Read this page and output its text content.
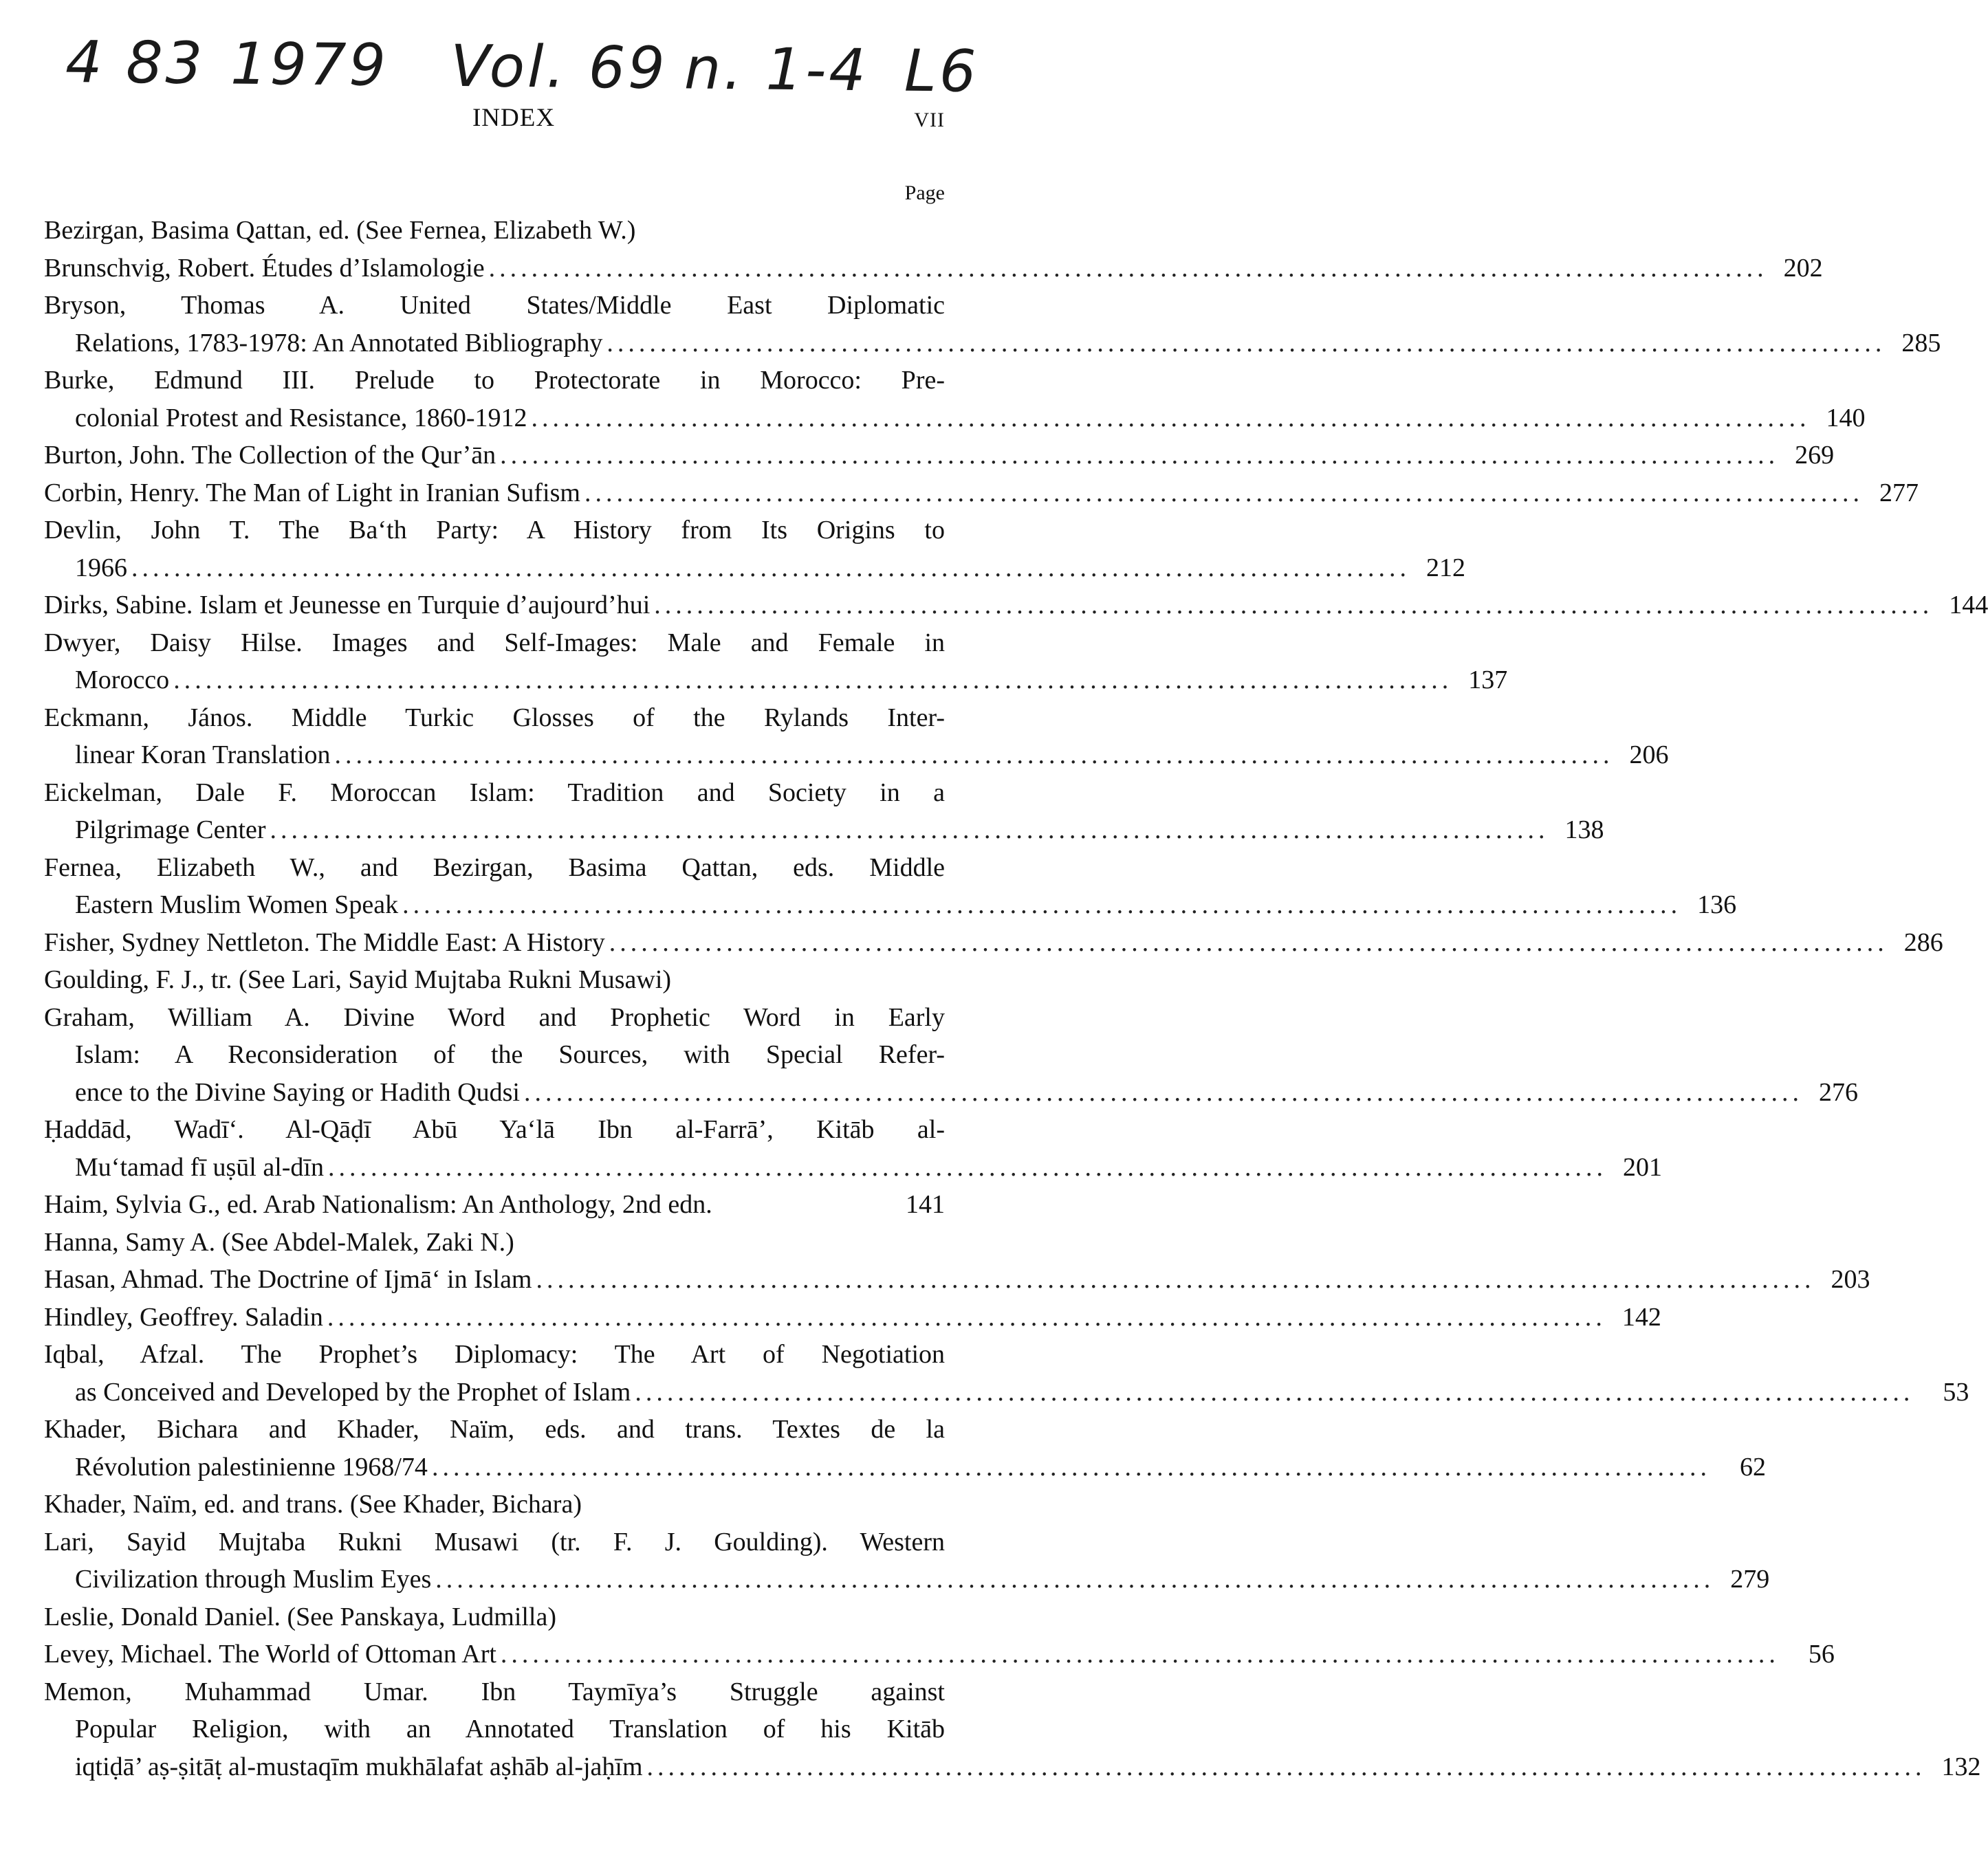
4 83 1979 Vol. 69 n. 1-4 L6
INDEX	VII
Page
Bezirgan, Basima Qattan, ed. (See Fernea, Elizabeth W.)
Brunschvig, Robert. Études d’Islamologie ........................................................................................................................ 202
Bryson, Thomas A. United States/Middle East Diplomatic
Relations, 1783-1978: An Annotated Bibliography ........................................................................................................................ 285
Burke, Edmund III. Prelude to Protectorate in Morocco: Pre-
colonial Protest and Resistance, 1860-1912 ........................................................................................................................ 140
Burton, John. The Collection of the Qur’ān ........................................................................................................................ 269
Corbin, Henry. The Man of Light in Iranian Sufism ........................................................................................................................ 277
Devlin, John T. The Ba‘th Party: A History from Its Origins to
1966 ........................................................................................................................ 212
Dirks, Sabine. Islam et Jeunesse en Turquie d’aujourd’hui ........................................................................................................................ 144
Dwyer, Daisy Hilse. Images and Self-Images: Male and Female in
Morocco ........................................................................................................................ 137
Eckmann, János. Middle Turkic Glosses of the Rylands Inter-
linear Koran Translation ........................................................................................................................ 206
Eickelman, Dale F. Moroccan Islam: Tradition and Society in a
Pilgrimage Center ........................................................................................................................ 138
Fernea, Elizabeth W., and Bezirgan, Basima Qattan, eds. Middle
Eastern Muslim Women Speak ........................................................................................................................ 136
Fisher, Sydney Nettleton. The Middle East: A History ........................................................................................................................ 286
Goulding, F. J., tr. (See Lari, Sayid Mujtaba Rukni Musawi)
Graham, William A. Divine Word and Prophetic Word in Early
Islam: A Reconsideration of the Sources, with Special Refer-
ence to the Divine Saying or Hadith Qudsi ........................................................................................................................ 276
Ḥaddād, Wadī‘. Al-Qāḍī Abū Ya‘lā Ibn al-Farrā’, Kitāb al-
Mu‘tamad fī uṣūl al-dīn ........................................................................................................................ 201
Haim, Sylvia G., ed. Arab Nationalism: An Anthology, 2nd edn.	141
Hanna, Samy A. (See Abdel-Malek, Zaki N.)
Hasan, Ahmad. The Doctrine of Ijmā‘ in Islam ........................................................................................................................ 203
Hindley, Geoffrey. Saladin ........................................................................................................................ 142
Iqbal, Afzal. The Prophet’s Diplomacy: The Art of Negotiation
as Conceived and Developed by the Prophet of Islam ........................................................................................................................	53
Khader, Bichara and Khader, Naïm, eds. and trans. Textes de la
Révolution palestinienne 1968/74 ........................................................................................................................	62
Khader, Naïm, ed. and trans. (See Khader, Bichara)
Lari, Sayid Mujtaba Rukni Musawi (tr. F. J. Goulding). Western
Civilization through Muslim Eyes ........................................................................................................................ 279
Leslie, Donald Daniel. (See Panskaya, Ludmilla)
Levey, Michael. The World of Ottoman Art ........................................................................................................................	56
Memon, Muhammad Umar. Ibn Taymīya’s Struggle against
Popular Religion, with an Annotated Translation of his Kitāb
iqtiḍā’ aṣ-ṣitāṭ al-mustaqīm mukhālafat aṣhāb al-jaḥīm ........................................................................................................................ 132
